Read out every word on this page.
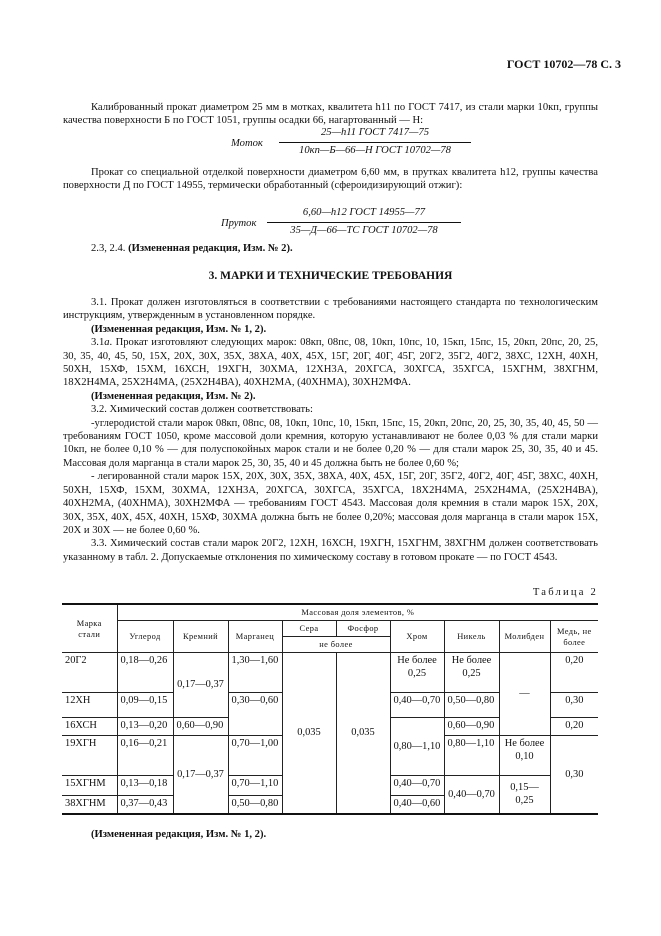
ГОСТ 10702—78 С. 3

Калиброванный прокат диаметром 25 мм в мотках, квалитета h11 по ГОСТ 7417, из стали марки 10кп, группы качества поверхности Б по ГОСТ 1051, группы осадки 66, нагартованный — Н:

Моток
25—h11 ГОСТ 7417—75
10кп—Б—66—Н ГОСТ 10702—78

Прокат со специальной отделкой поверхности диаметром 6,60 мм, в прутках квалитета h12, группы качества поверхности Д по ГОСТ 14955, термически обработанный (сфероидизирующий отжиг):

Пруток
6,60—h12 ГОСТ 14955—77
35—Д—66—ТС ГОСТ 10702—78

2.3, 2.4. (Измененная редакция, Изм. № 2).

3. МАРКИ И ТЕХНИЧЕСКИЕ ТРЕБОВАНИЯ

3.1. Прокат должен изготовляться в соответствии с требованиями настоящего стандарта по технологическим инструкциям, утвержденным в установленном порядке.

(Измененная редакция, Изм. № 1, 2).

3.1а. Прокат изготовляют следующих марок: 08кп, 08пс, 08, 10кп, 10пс, 10, 15кп, 15пс, 15, 20кп, 20пс, 20, 25, 30, 35, 40, 45, 50, 15Х, 20Х, 30Х, 35Х, 38ХА, 40Х, 45Х, 15Г, 20Г, 40Г, 45Г, 20Г2, 35Г2, 40Г2, 38ХС, 12ХН, 40ХН, 50ХН, 15ХФ, 15ХМ, 16ХСН, 19ХГН, 30ХМА, 12ХН3А, 20ХГСА, 30ХГСА, 35ХГСА, 15ХГНМ, 38ХГНМ, 18Х2Н4МА, 25Х2Н4МА, (25Х2Н4ВА), 40ХН2МА, (40ХНМА), 30ХН2МФА.

(Измененная редакция, Изм. № 2).

3.2. Химический состав должен соответствовать:

-углеродистой стали марок 08кп, 08пс, 08, 10кп, 10пс, 10, 15кп, 15пс, 15, 20кп, 20пс, 20, 25, 30, 35, 40, 45, 50 — требованиям ГОСТ 1050, кроме массовой доли кремния, которую устанавливают не более 0,03 % для стали марки 10кп, не более 0,10 % — для полуспокойных марок стали и не более 0,20 % — для стали марок 25, 30, 35, 40 и 45. Массовая доля марганца в стали марок 25, 30, 35, 40 и 45 должна быть не более 0,60 %;

- легированной стали марок 15Х, 20Х, 30Х, 35Х, 38ХА, 40Х, 45Х, 15Г, 20Г, 35Г2, 40Г2, 40Г, 45Г, 38ХС, 40ХН, 50ХН, 15ХФ, 15ХМ, 30ХМА, 12ХН3А, 20ХГСА, 30ХГСА, 35ХГСА, 18Х2Н4МА, 25Х2Н4МА, (25Х2Н4ВА), 40ХН2МА, (40ХНМА), 30ХН2МФА — требованиям ГОСТ 4543. Массовая доля кремния в стали марок 15Х, 20Х, 30Х, 35Х, 40Х, 45Х, 40ХН, 15ХФ, 30ХМА должна быть не более 0,20%; массовая доля марганца в стали марок 15Х, 20Х и 30Х — не более 0,60 %.

3.3. Химический состав стали марок 20Г2, 12ХН, 16ХСН, 19ХГН, 15ХГНМ, 38ХГНМ должен соответствовать указанному в табл. 2. Допускаемые отклонения по химическому составу в готовом прокате — по ГОСТ 4543.

Таблица 2
Марка стали	Массовая доля элементов, %								
	Углерод	Кремний	Марганец	Сера	Фосфор	Хром	Никель	Молибден	Медь, не более
				не более					
20Г2	0,18—0,26	0,17—0,37	1,30—1,60	0,035	0,035	Не более 0,25	Не более 0,25	—	0,20
12ХН	0,09—0,15		0,30—0,60			0,40—0,70	0,50—0,80		0,30
16ХСН	0,13—0,20	0,60—0,90				0,80—1,10	0,60—0,90		0,20
19ХГН	0,16—0,21	0,17—0,37	0,70—1,00				0,80—1,10	Не более 0,10	0,30
15ХГНМ	0,13—0,18		0,70—1,10			0,40—0,70	0,40—0,70	0,15—0,25	
38ХГНМ	0,37—0,43		0,50—0,80			0,40—0,60			
(Измененная редакция, Изм. № 1, 2).
